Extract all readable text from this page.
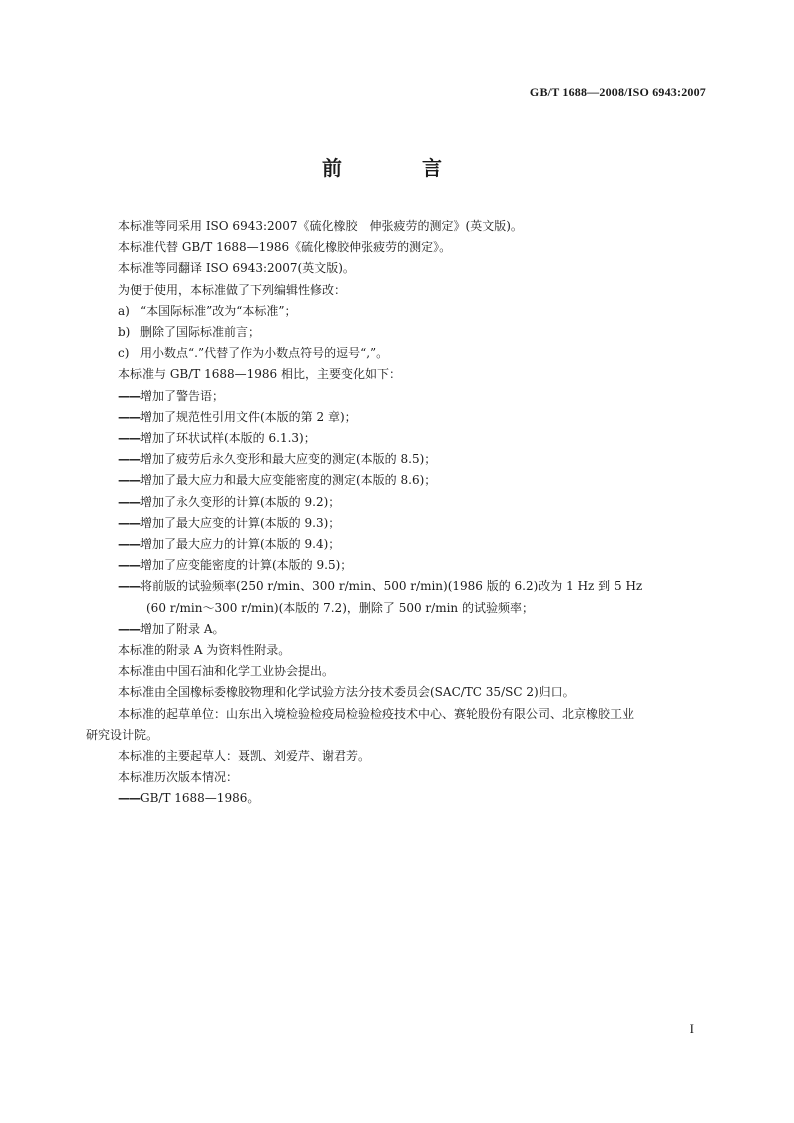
GB/T 1688—2008/ISO 6943:2007
前　言

本标准等同采用 ISO 6943:2007《硫化橡胶　伸张疲劳的测定》(英文版)。

本标准代替 GB/T 1688—1986《硫化橡胶伸张疲劳的测定》。

本标准等同翻译 ISO 6943:2007(英文版)。

为便于使用，本标准做了下列编辑性修改：

a) “本国际标准”改为“本标准”；

b) 删除了国际标准前言；

c) 用小数点“.”代替了作为小数点符号的逗号“,”。

本标准与 GB/T 1688—1986 相比，主要变化如下：

——增加了警告语；

——增加了规范性引用文件(本版的第 2 章)；

——增加了环状试样(本版的 6.1.3)；

——增加了疲劳后永久变形和最大应变的测定(本版的 8.5)；

——增加了最大应力和最大应变能密度的测定(本版的 8.6)；

——增加了永久变形的计算(本版的 9.2)；

——增加了最大应变的计算(本版的 9.3)；

——增加了最大应力的计算(本版的 9.4)；

——增加了应变能密度的计算(本版的 9.5)；

——将前版的试验频率(250 r/min、300 r/min、500 r/min)(1986 版的 6.2)改为 1 Hz 到 5 Hz

(60 r/min～300 r/min)(本版的 7.2)，删除了 500 r/min 的试验频率；

——增加了附录 A。

本标准的附录 A 为资料性附录。

本标准由中国石油和化学工业协会提出。

本标准由全国橡标委橡胶物理和化学试验方法分技术委员会(SAC/TC 35/SC 2)归口。

本标准的起草单位：山东出入境检验检疫局检验检疫技术中心、赛轮股份有限公司、北京橡胶工业
研究设计院。

本标准的主要起草人：聂凯、刘爱芹、谢君芳。

本标准历次版本情况：

——GB/T 1688—1986。

I
